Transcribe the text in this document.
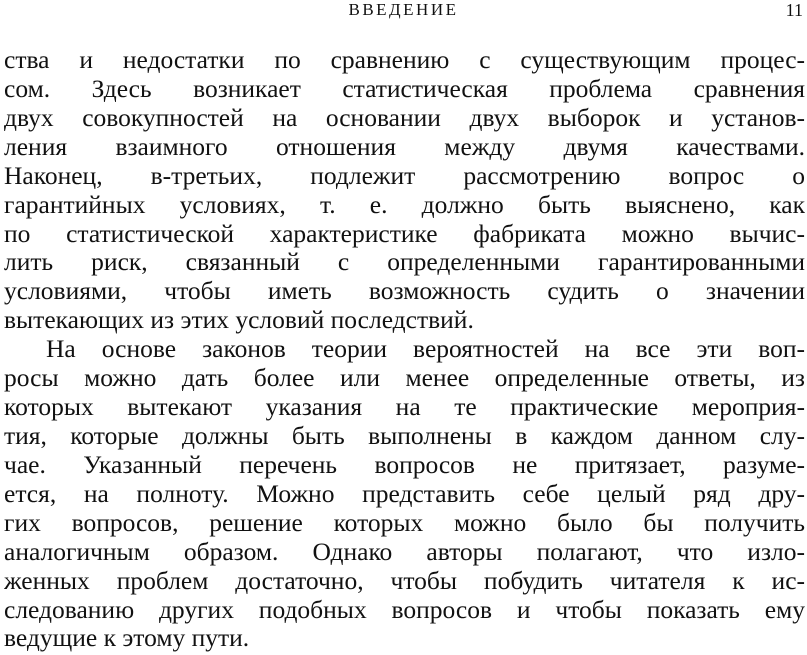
ВВЕДЕНИЕ	11
ства и недостатки по сравнению с существующим процес-
сом. Здесь возникает статистическая проблема сравнения
двух совокупностей на основании двух выборок и установ-
ления взаимного отношения между двумя качествами.
Наконец, в-третьих, подлежит рассмотрению вопрос о
гарантийных условиях, т. е. должно быть выяснено, как
по статистической характеристике фабриката можно вычис-
лить риск, связанный с определенными гарантированными
условиями, чтобы иметь возможность судить о значении
вытекающих из этих условий последствий.
На основе законов теории вероятностей на все эти воп-
росы можно дать более или менее определенные ответы, из
которых вытекают указания на те практические мероприя-
тия, которые должны быть выполнены в каждом данном слу-
чае. Указанный перечень вопросов не притязает, разуме-
ется, на полноту. Можно представить себе целый ряд дру-
гих вопросов, решение которых можно было бы получить
аналогичным образом. Однако авторы полагают, что изло-
женных проблем достаточно, чтобы побудить читателя к ис-
следованию других подобных вопросов и чтобы показать ему
ведущие к этому пути.
